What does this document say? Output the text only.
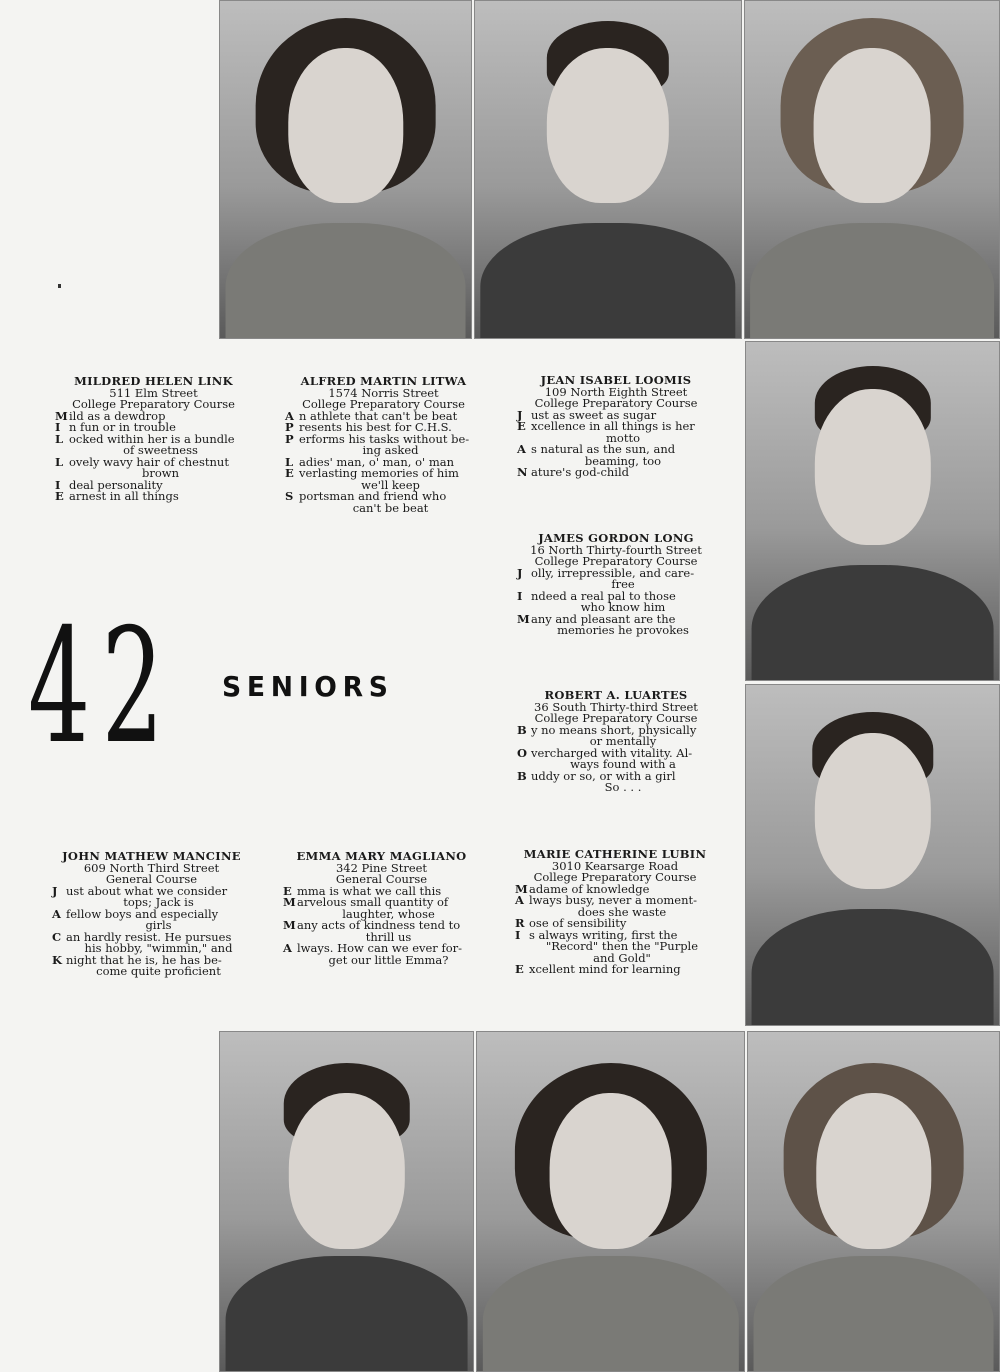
42 SENIORS
MILDRED HELEN LINK
511 Elm Street
College Preparatory Course
M ild as a dewdrop
I n fun or in trouble
L ocked within her is a bundle
of sweetness
L ovely wavy hair of chestnut
brown
I deal personality
E arnest in all things
ALFRED MARTIN LITWA
1574 Norris Street
College Preparatory Course
A n athlete that can't be beat
P resents his best for C.H.S.
P erforms his tasks without be-
ing asked
L adies' man, o' man, o' man
E verlasting memories of him
we'll keep
S portsman and friend who
can't be beat
JEAN ISABEL LOOMIS
109 North Eighth Street
College Preparatory Course
J ust as sweet as sugar
E xcellence in all things is her
motto
A s natural as the sun, and
beaming, too
N ature's god-child
JAMES GORDON LONG
16 North Thirty-fourth Street
College Preparatory Course
J olly, irrepressible, and care-
free
I ndeed a real pal to those
who know him
M any and pleasant are the
memories he provokes
ROBERT A. LUARTES
36 South Thirty-third Street
College Preparatory Course
B y no means short, physically
or mentally
O vercharged with vitality. Al-
ways found with a
B uddy or so, or with a girl
So . . .
JOHN MATHEW MANCINE
609 North Third Street
General Course
J ust about what we consider
tops; Jack is
A fellow boys and especially
girls
C an hardly resist. He pursues
his hobby, "wimmin," and
K night that he is, he has be-
come quite proficient
EMMA MARY MAGLIANO
342 Pine Street
General Course
E mma is what we call this
M arvelous small quantity of
laughter, whose
M any acts of kindness tend to
thrill us
A lways. How can we ever for-
get our little Emma?
MARIE CATHERINE LUBIN
3010 Kearsarge Road
College Preparatory Course
M adame of knowledge
A lways busy, never a moment-
does she waste
R ose of sensibility
I s always writing, first the
"Record" then the "Purple
and Gold"
E xcellent mind for learning
